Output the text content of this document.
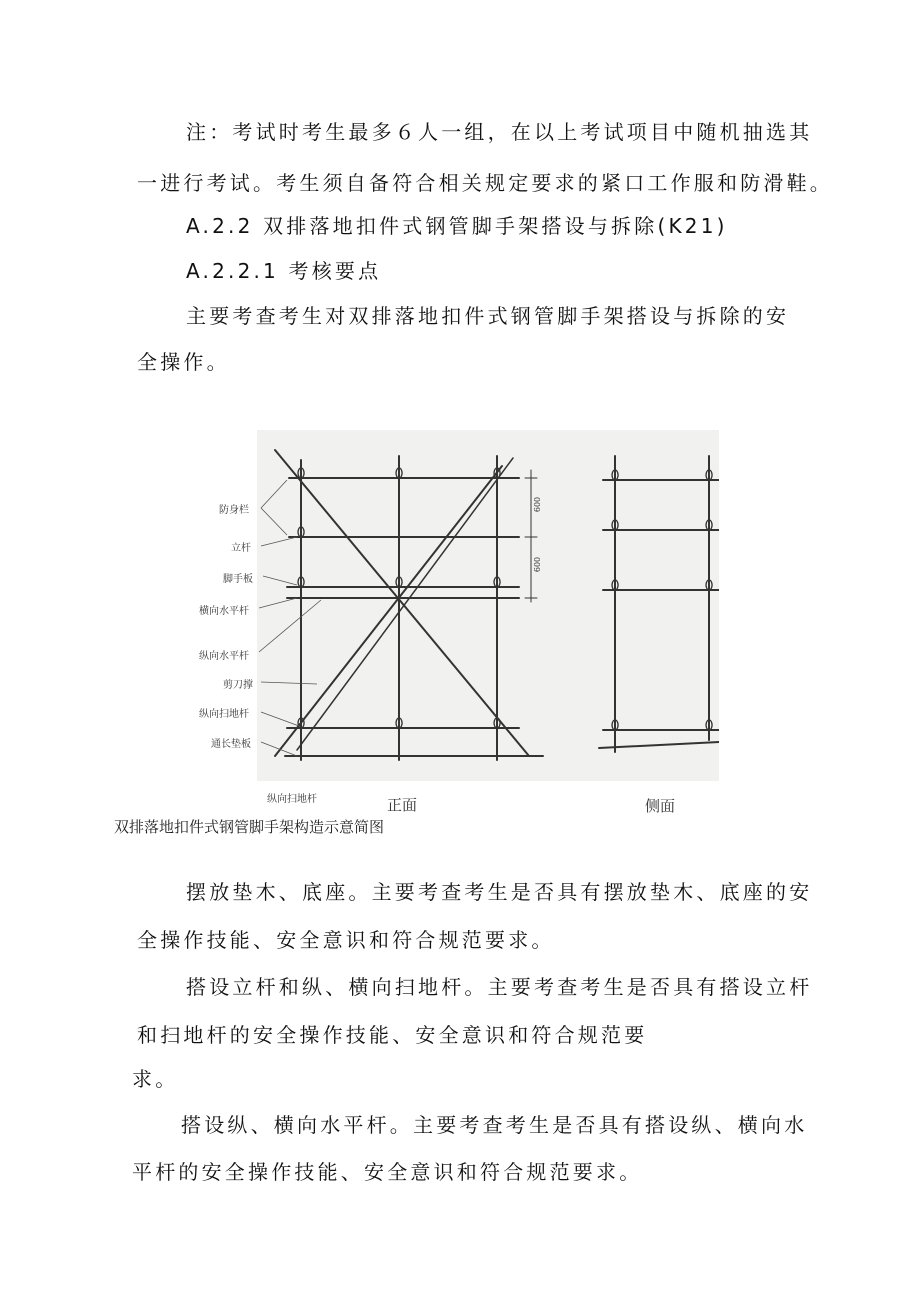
注：考试时考生最多６人一组，在以上考试项目中随机抽选其
一进行考试。考生须自备符合相关规定要求的紧口工作服和防滑鞋。
A.2.2 双排落地扣件式钢管脚手架搭设与拆除(K21)
A.2.2.1 考核要点
主要考查考生对双排落地扣件式钢管脚手架搭设与拆除的安
全操作。
防身栏
立杆
脚手板
横向水平杆
纵向水平杆
剪刀撑
纵向扫地杆
通长垫板
纵向扫地杆
600
600
正面	侧面
双排落地扣件式钢管脚手架构造示意简图
摆放垫木、底座。主要考查考生是否具有摆放垫木、底座的安
全操作技能、安全意识和符合规范要求。
搭设立杆和纵、横向扫地杆。主要考查考生是否具有搭设立杆
和扫地杆的安全操作技能、安全意识和符合规范要
求。
搭设纵、横向水平杆。主要考查考生是否具有搭设纵、横向水
平杆的安全操作技能、安全意识和符合规范要求。
